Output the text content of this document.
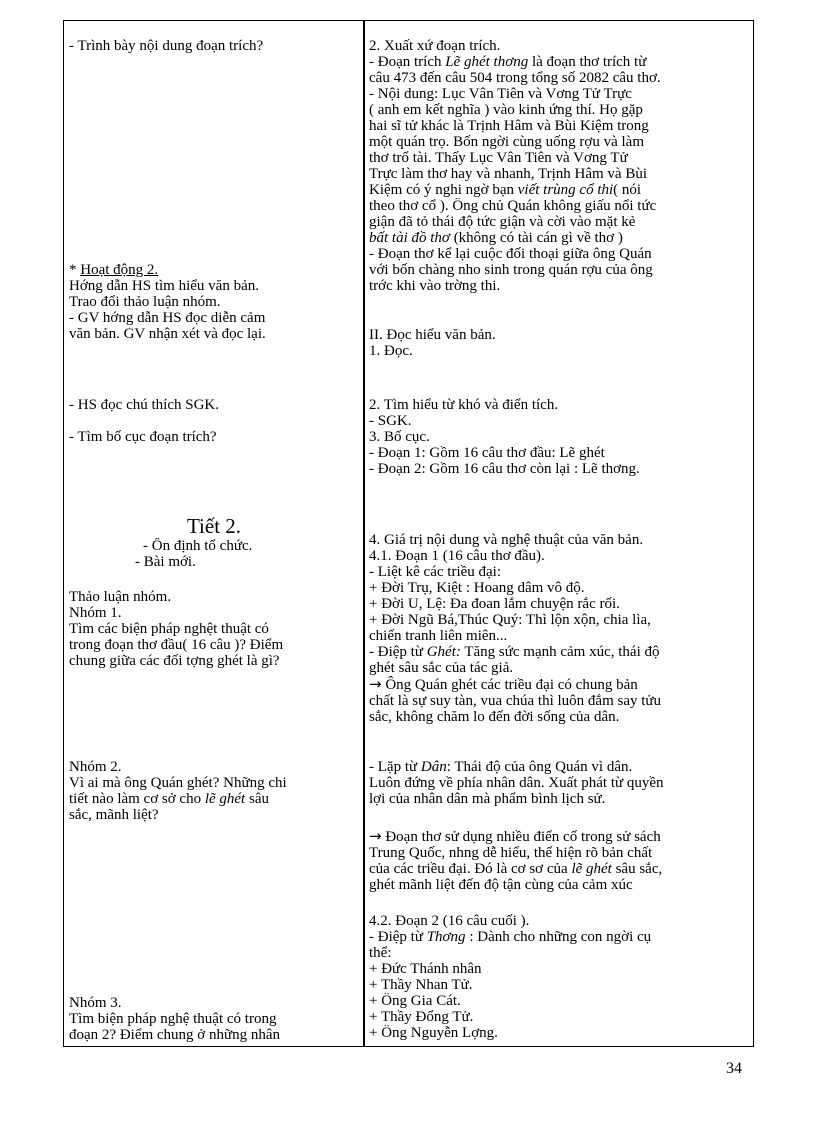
- Trình bày nội dung đoạn trích?
* Hoạt động 2.
Hớng dẫn HS tìm hiểu văn bản.
Trao đổi thảo luận nhóm.
- GV hớng dẫn HS đọc diễn cảm
văn bản. GV nhận xét và đọc lại.
- HS đọc chú thích SGK.
- Tìm bố cục đoạn trích?
Tiết 2.
- Ổn định tổ chức.
- Bài mới.
Thảo luận nhóm.
Nhóm 1.
Tìm các biện pháp nghệt thuật có
trong đoạn thơ đầu( 16 câu )? Điểm
chung giữa các đối tợng ghét là gì?
Nhóm 2.
Vì ai mà ông Quán ghét? Những chi
tiết nào làm cơ sở cho lẽ ghét sâu
sắc, mãnh liệt?
Nhóm 3.
Tìm biện pháp nghệ thuật có trong
đoạn 2? Điểm chung ở những nhân
2. Xuất xứ đoạn trích.
- Đoạn trích Lẽ ghét thơng là đoạn thơ trích từ
câu 473 đến câu 504 trong tổng số 2082 câu thơ.
- Nội dung: Lục Vân Tiên và Vơng Tử Trực
( anh em kết nghĩa ) vào kinh ứng thí. Họ gặp
hai sĩ tử khác là Trịnh Hâm và Bùi Kiệm trong
một quán trọ. Bốn ngời cùng uống rợu và làm
thơ trổ tài. Thấy Lục Vân Tiên và Vơng Tử
Trực làm thơ hay và nhanh, Trịnh Hâm và Bùi
Kiệm có ý nghi ngờ bạn viết trùng cổ thi( nói
theo thơ cổ ). Ông chủ Quán không giấu nổi tức
giận đã tỏ thái độ tức giận và cời vào mặt kẻ
bất tài đồ thơ (không có tài cán gì về thơ )
- Đoạn thơ kể lại cuộc đối thoại giữa ông Quán
với bốn chàng nho sinh trong quán rợu của ông
trớc khi vào trờng thi.
II. Đọc hiểu văn bản.
1. Đọc.
2. Tìm hiểu từ khó và điển tích.
- SGK.
3. Bố cục.
- Đoạn 1: Gồm 16 câu thơ đầu: Lẽ ghét
- Đoạn 2: Gồm 16 câu thơ còn lại : Lẽ thơng.
4. Giá trị nội dung và nghệ thuật của văn bản.
4.1. Đoạn 1 (16 câu thơ đầu).
- Liệt kê các triều đại:
+ Đời Trụ, Kiệt : Hoang dâm vô độ.
+ Đời U, Lệ: Đa đoan lắm chuyện rắc rối.
+ Đời Ngũ Bá,Thúc Quý: Thì lộn xộn, chia lìa,
chiến tranh liên miên...
- Điệp từ Ghét: Tăng sức mạnh cảm xúc, thái độ
ghét sâu sắc của tác giả.
→ Ông Quán ghét các triều đại có chung bản
chất là sự suy tàn, vua chúa thì luôn đắm say tửu
sắc, không chăm lo đến đời sống của dân.
- Lặp từ Dân: Thái độ của ông Quán vì dân.
Luôn đứng về phía nhân dân. Xuất phát từ quyền
lợi của nhân dân mà phẩm bình lịch sử.
→ Đoạn thơ sử dụng nhiều điển cố trong sử sách
Trung Quốc, nhng dễ hiểu, thể hiện rõ bản chất
của các triều đại. Đó là cơ sơ của lẽ ghét sâu sắc,
ghét mãnh liệt đến độ tận cùng của cảm xúc
4.2. Đoạn 2 (16 câu cuối ).
- Điệp từ Thơng : Dành cho những con ngời cụ
thể:
+ Đức Thánh nhân
+ Thầy Nhan Tử.
+ Ông Gia Cát.
+ Thầy Đổng Tử.
+ Ông Nguyễn Lợng.
34
